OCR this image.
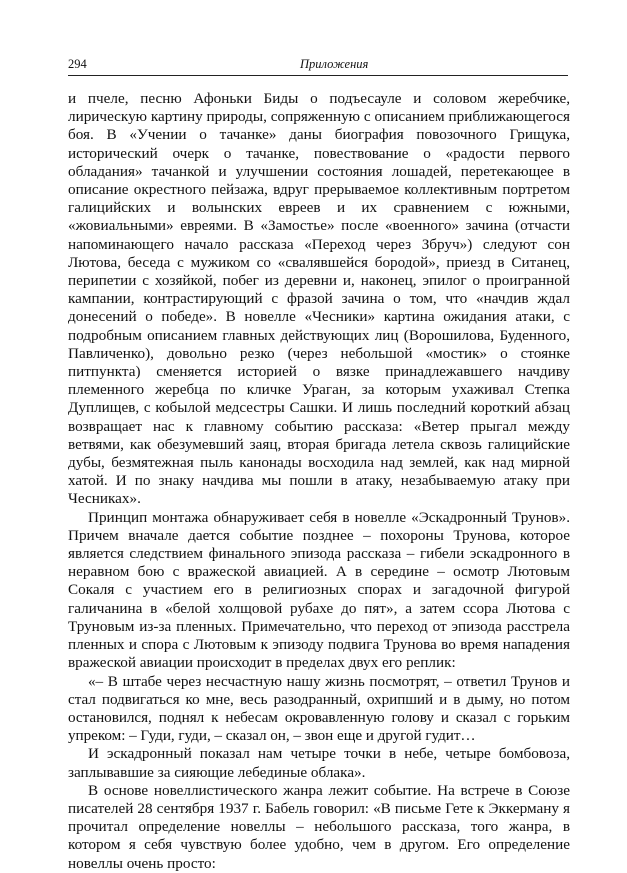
294	Приложения

и пчеле, песню Афоньки Биды о подъесауле и соловом жеребчике, лирическую картину природы, сопряженную с описанием приближающегося боя. В «Учении о тачанке» даны биография повозочного Грищука, исторический очерк о тачанке, повествование о «радости первого обладания» тачанкой и улучшении состояния лошадей, перетекающее в описание окрестного пейзажа, вдруг прерываемое коллективным портретом галицийских и волынских евреев и их сравнением с южными, «жовиальными» евреями. В «Замостье» после «военного» зачина (отчасти напоминающего начало рассказа «Переход через Збруч») следуют сон Лютова, беседа с мужиком со «свалявшейся бородой», приезд в Ситанец, перипетии с хозяйкой, побег из деревни и, наконец, эпилог о проигранной кампании, контрастирующий с фразой зачина о том, что «начдив ждал донесений о победе». В новелле «Чесники» картина ожидания атаки, с подробным описанием главных действующих лиц (Ворошилова, Буденного, Павличенко), довольно резко (через небольшой «мостик» о стоянке питпункта) сменяется историей о вязке принадлежавшего начдиву племенного жеребца по кличке Ураган, за которым ухаживал Степка Дуплищев, с кобылой медсестры Сашки. И лишь последний короткий абзац возвращает нас к главному событию рассказа: «Ветер прыгал между ветвями, как обезумевший заяц, вторая бригада летела сквозь галицийские дубы, безмятежная пыль канонады восходила над землей, как над мирной хатой. И по знаку начдива мы пошли в атаку, незабываемую атаку при Чесниках».

Принцип монтажа обнаруживает себя в новелле «Эскадронный Трунов». Причем вначале дается событие позднее – похороны Трунова, которое является следствием финального эпизода рассказа – гибели эскадронного в неравном бою с вражеской авиацией. А в середине – осмотр Лютовым Сокаля с участием его в религиозных спорах и загадочной фигурой галичанина в «белой холщовой рубахе до пят», а затем ссора Лютова с Труновым из-за пленных. Примечательно, что переход от эпизода расстрела пленных и спора с Лютовым к эпизоду подвига Трунова во время нападения вражеской авиации происходит в пределах двух его реплик:

«– В штабе через несчастную нашу жизнь посмотрят, – ответил Трунов и стал подвигаться ко мне, весь разодранный, охрипший и в дыму, но потом остановился, поднял к небесам окровавленную голову и сказал с горьким упреком: – Гуди, гуди, – сказал он, – звон еще и другой гудит…

И эскадронный показал нам четыре точки в небе, четыре бомбовоза, заплывавшие за сияющие лебединые облака».

В основе новеллистического жанра лежит событие. На встрече в Союзе писателей 28 сентября 1937 г. Бабель говорил: «В письме Гете к Эккерману я прочитал определение новеллы – небольшого рассказа, того жанра, в котором я себя чувствую более удобно, чем в другом. Его определение новеллы очень просто:
